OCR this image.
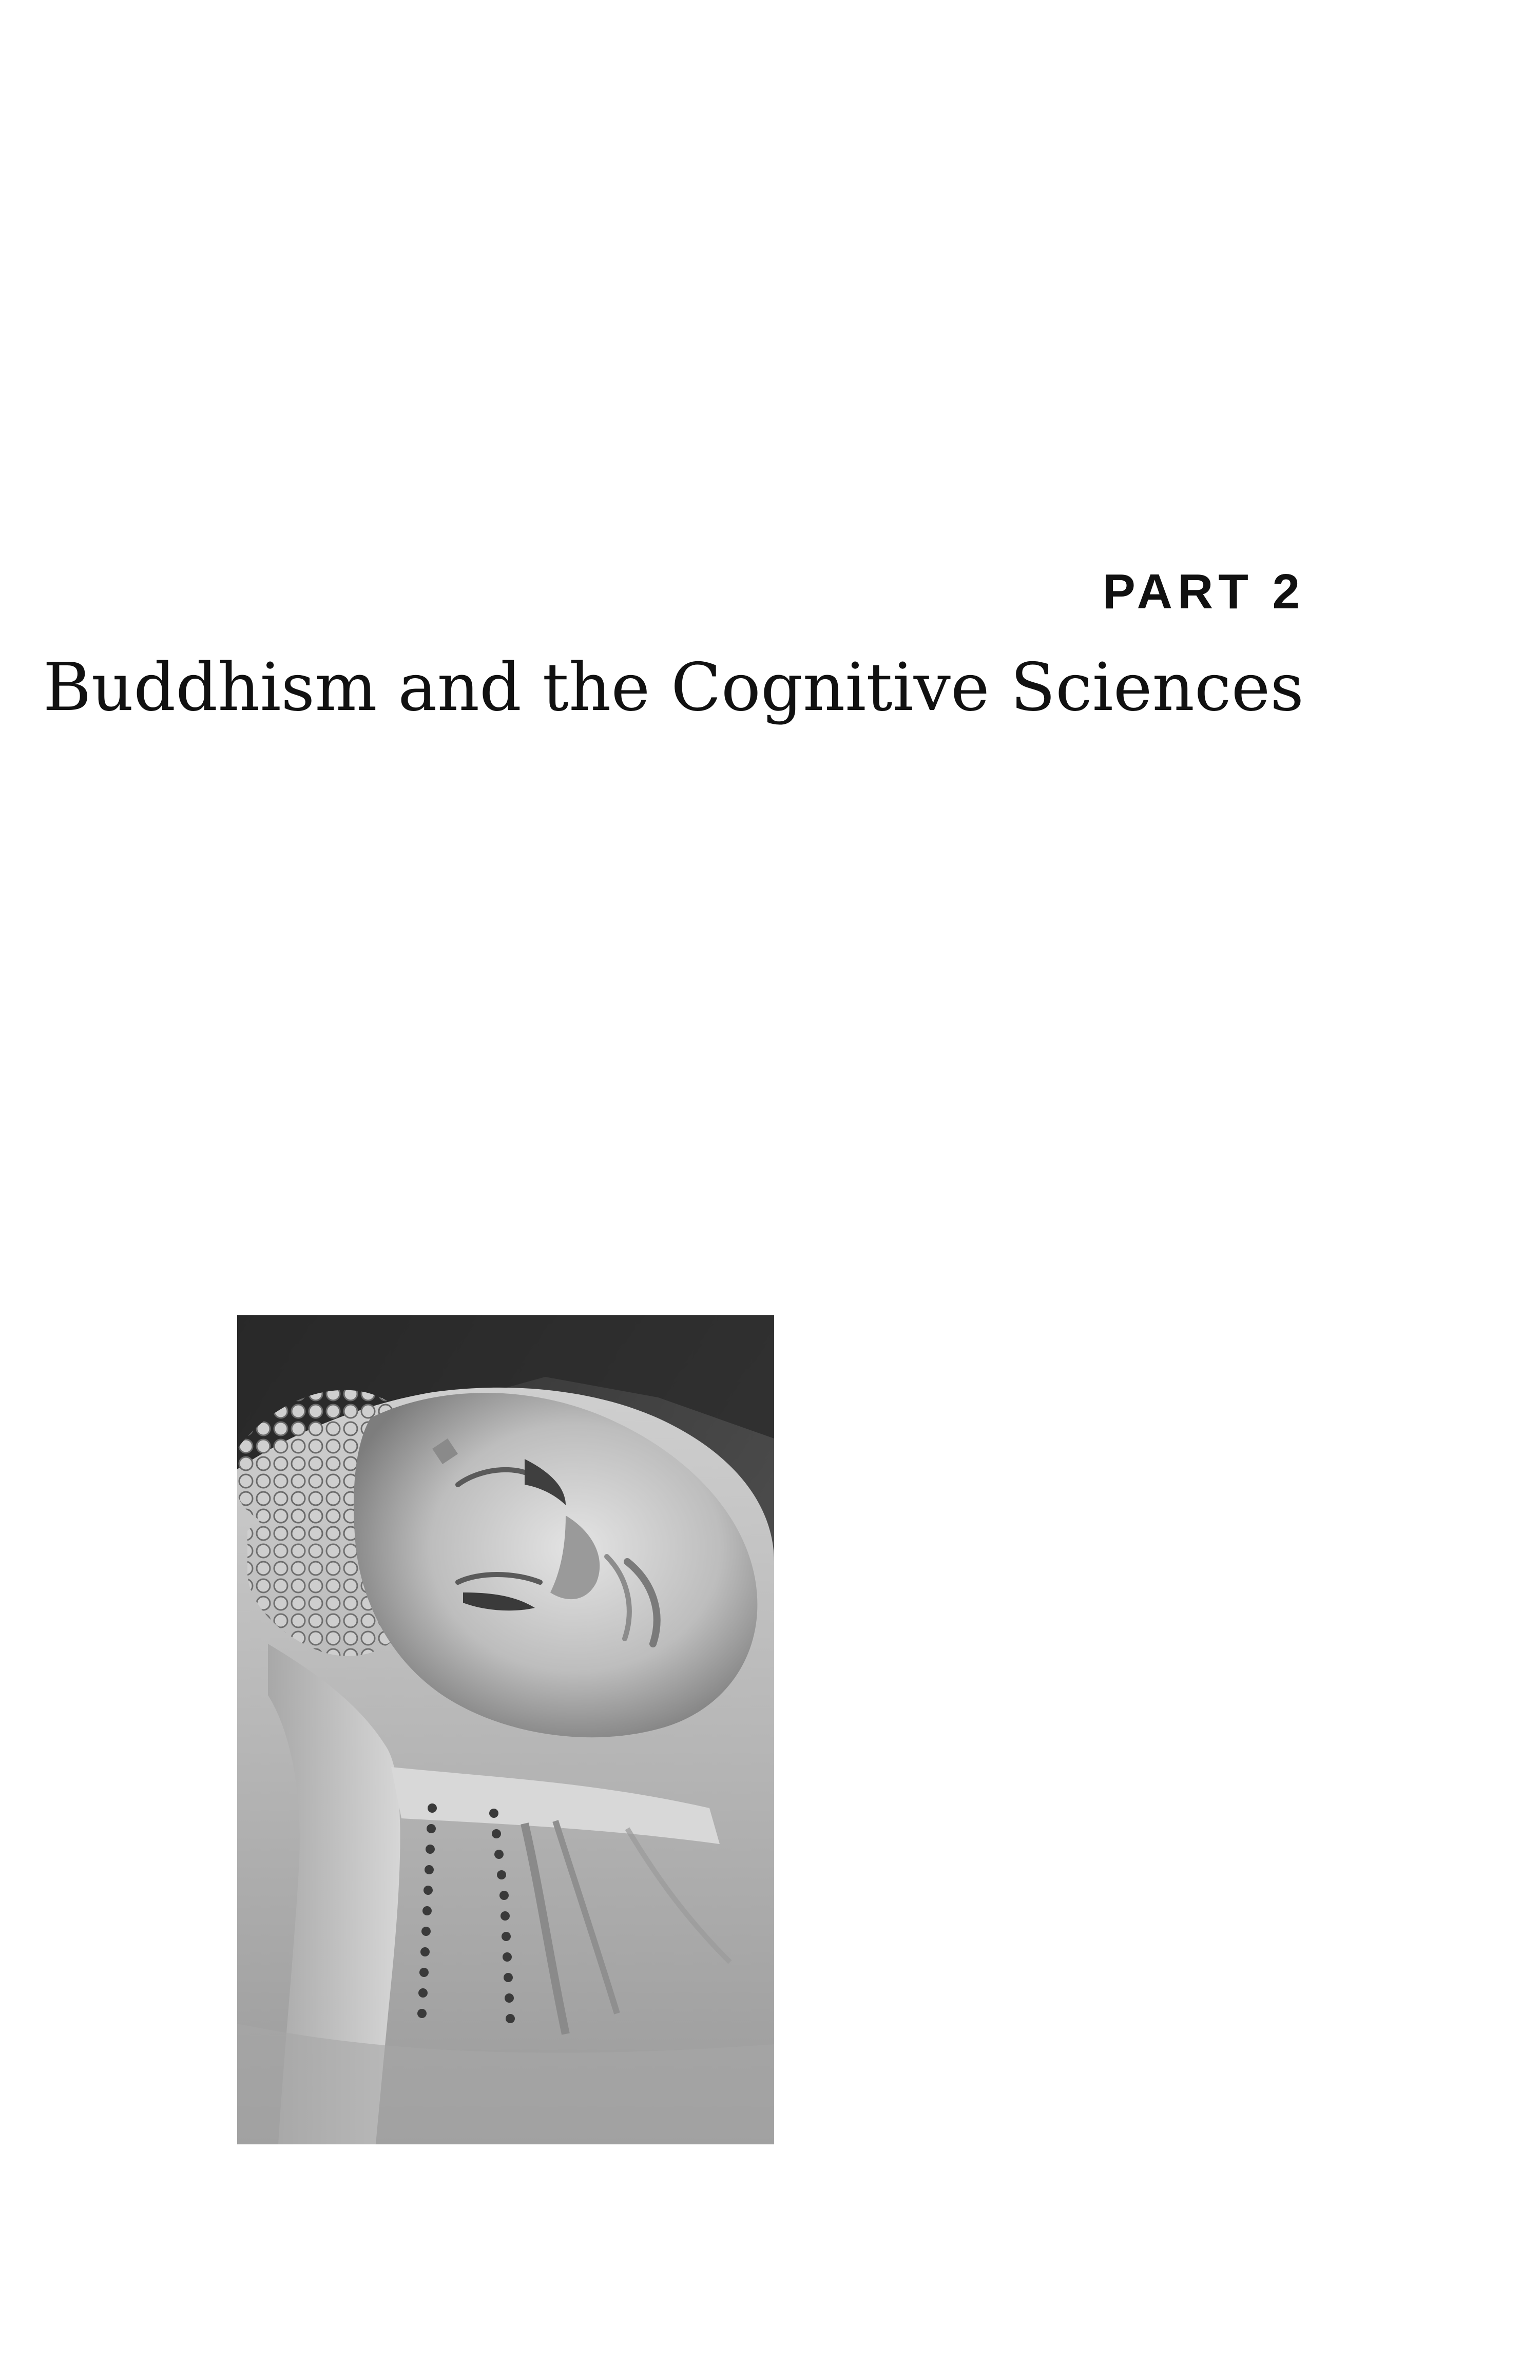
PART 2
Buddhism and the Cognitive Sciences
